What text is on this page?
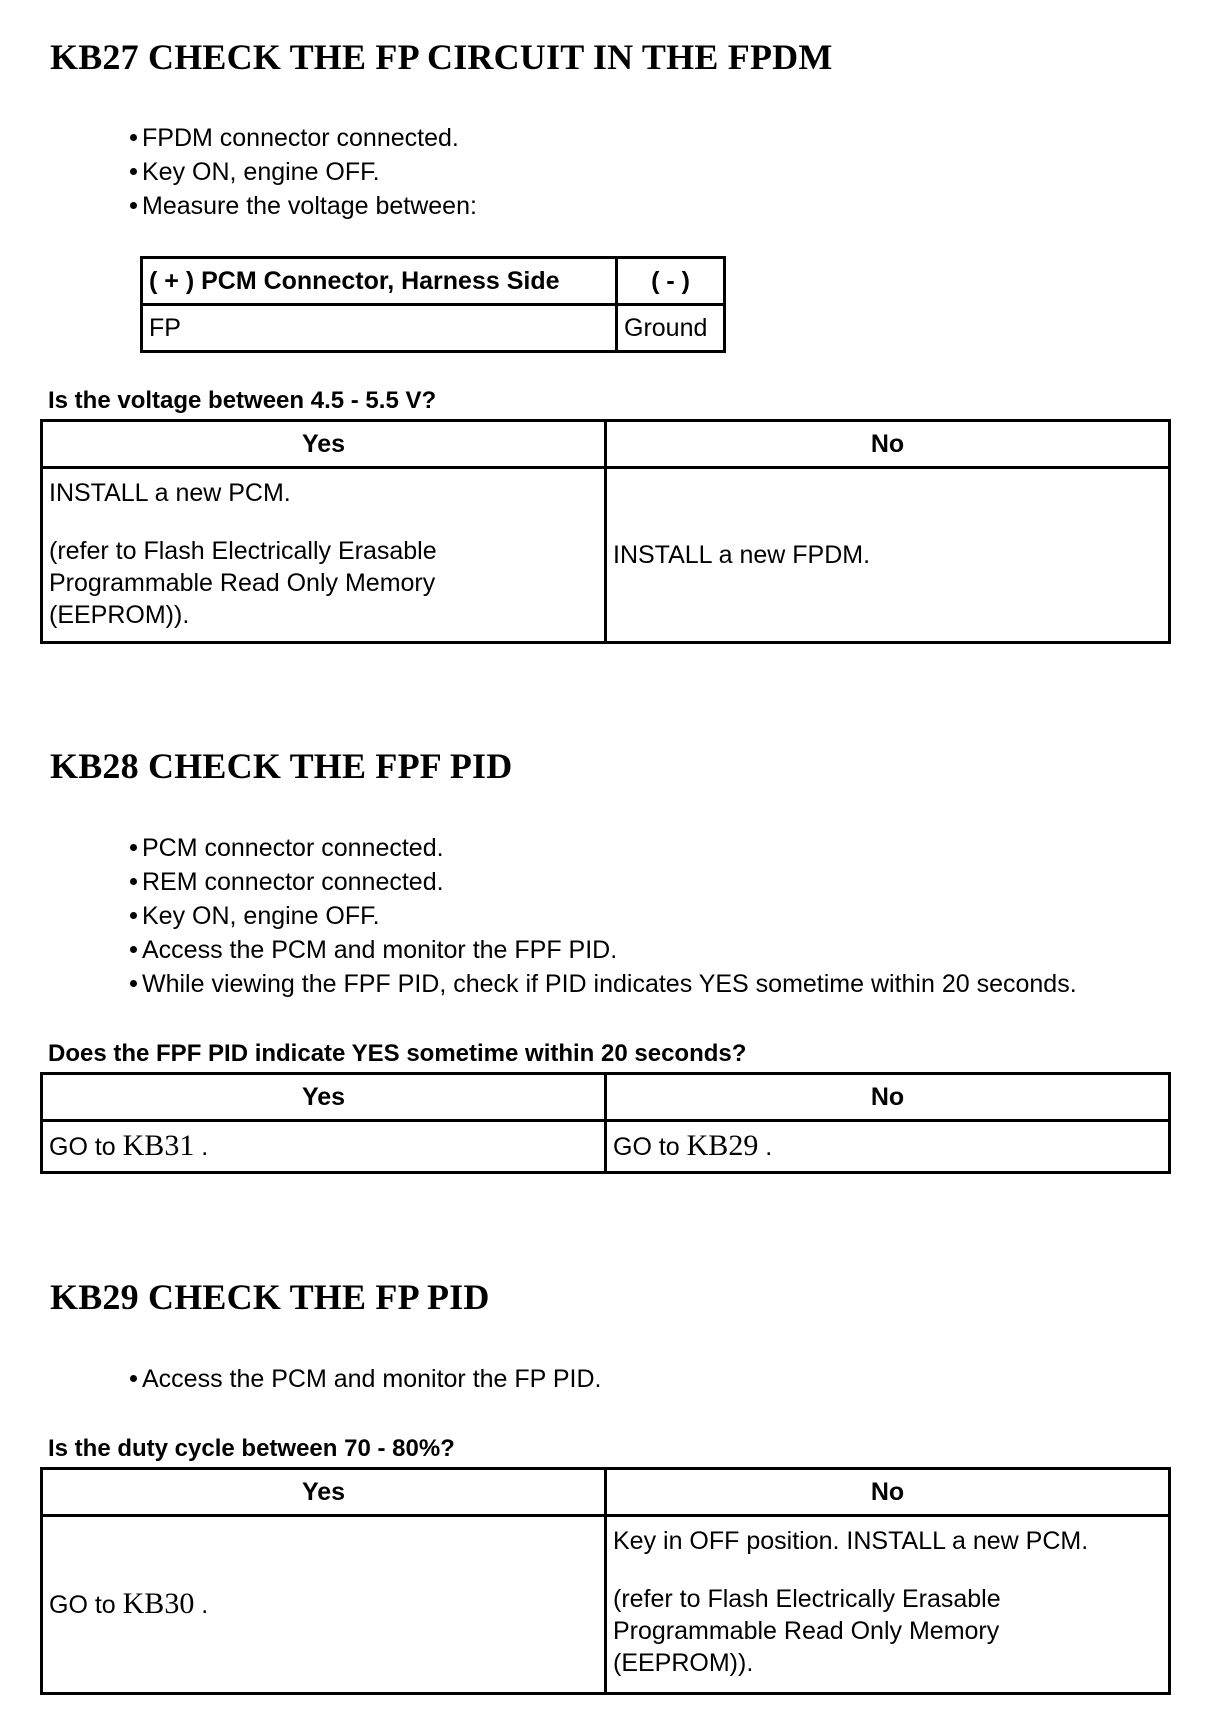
KB27 CHECK THE FP CIRCUIT IN THE FPDM
FPDM connector connected.
Key ON, engine OFF.
Measure the voltage between:
( + ) PCM Connector, Harness Side	( - )
FP	Ground

Is the voltage between 4.5 - 5.5 V?

Yes	No

INSTALL a new PCM.
(refer to Flash Electrically Erasable Programmable Read Only Memory (EEPROM)).	INSTALL a new FPDM.
KB28 CHECK THE FPF PID
PCM connector connected.
REM connector connected.
Key ON, engine OFF.
Access the PCM and monitor the FPF PID.
While viewing the FPF PID, check if PID indicates YES sometime within 20 seconds.

Does the FPF PID indicate YES sometime within 20 seconds?

Yes	No
GO to KB31 .	GO to KB29 .
KB29 CHECK THE FP PID
Access the PCM and monitor the FP PID.

Is the duty cycle between 70 - 80%?

Yes	No
GO to KB30 .	Key in OFF position. INSTALL a new PCM.
(refer to Flash Electrically Erasable Programmable Read Only Memory (EEPROM)).
